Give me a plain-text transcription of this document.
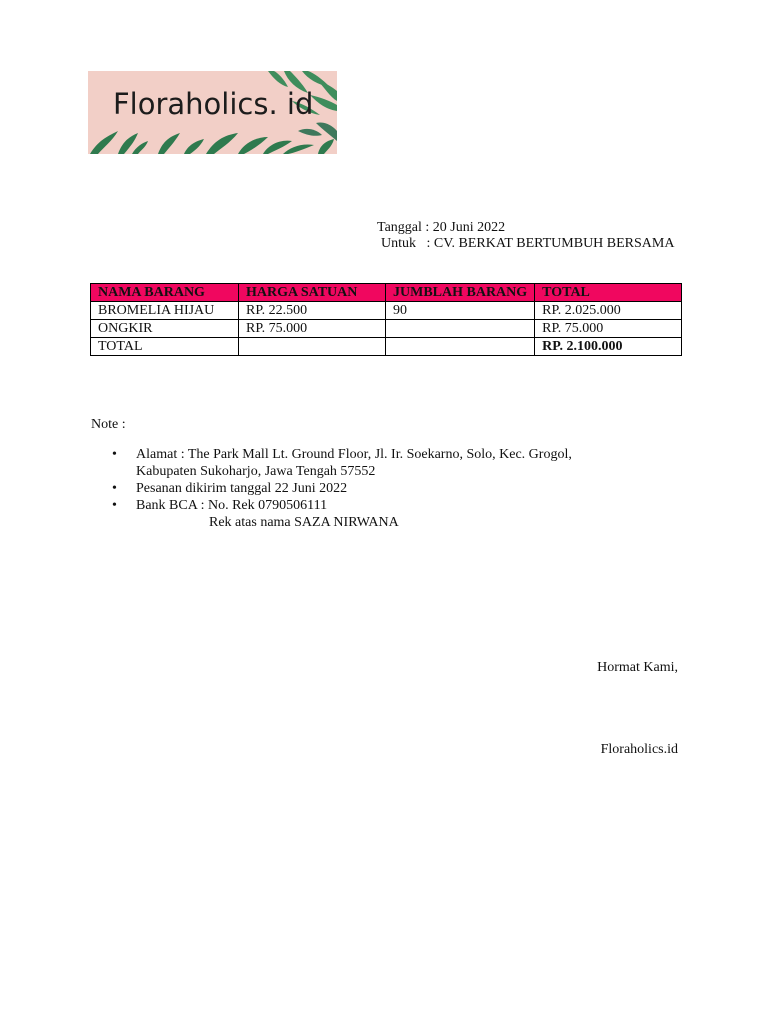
Floraholics. id
Tanggal : 20 Juni 2022
Untuk : CV. BERKAT BERTUMBUH BERSAMA
NAMA BARANG	HARGA SATUAN	JUMBLAH BARANG	TOTAL
BROMELIA HIJAU	RP. 22.500	90	RP. 2.025.000
ONGKIR	RP. 75.000		RP. 75.000
TOTAL			RP. 2.100.000
Note :
• Alamat : The Park Mall Lt. Ground Floor, Jl. Ir. Soekarno, Solo, Kec. Grogol,
Kabupaten Sukoharjo, Jawa Tengah 57552
• Pesanan dikirim tanggal 22 Juni 2022
• Bank BCA : No. Rek 0790506111
Rek atas nama SAZA NIRWANA
Hormat Kami,
Floraholics.id
